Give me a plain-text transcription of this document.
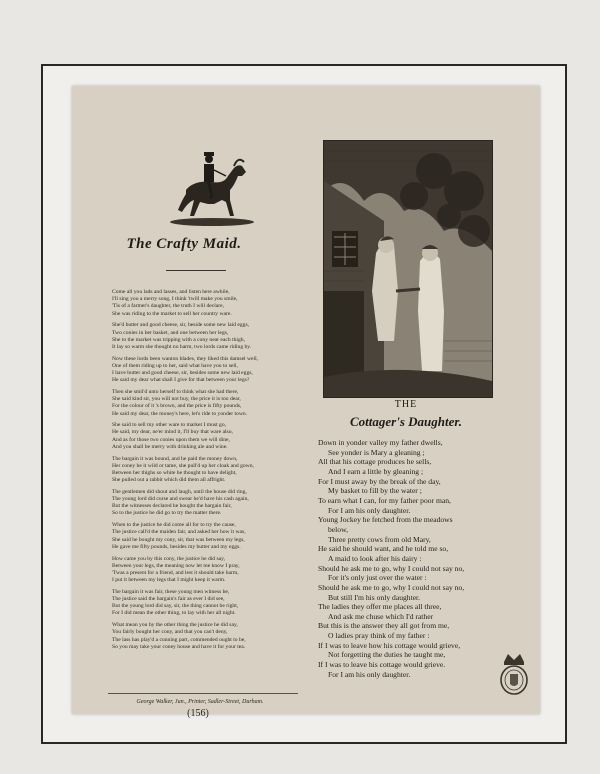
The Crafty Maid.
Come all you lads and lasses, and listen here awhile,
I'll sing you a merry song, I think 'twill make you smile,
'Tis of a farmer's daughter, the truth I will declare,
She was riding to the market to sell her country ware.
She'd butter and good cheese, sir, beside some new laid eggs,
Two conies in her basket, and one between her legs,
She to the market was tripping with a cony near each thigh,
It lay so warm she thought no harm, two lords came riding by.
Now these lords been wanton blades, they liked this damsel well,
One of them riding up to her, said what have you to sell,
I have butter and good cheese, sir, besides some new laid eggs,
He said my dear what shall I give for that between your legs?
Then she smil'd unto herself to think what she had there,
She said kind sir, you will not buy, the price it is too dear,
For the colour of it 's brown, and the price is fifty pounds,
He said my dear, the money's here, let's ride to yonder town.
She said to sell my other ware to market I must go,
He said, my dear, ne'er mind it, I'll buy that ware also,
And as for those two conies upon them we will dine,
And you shall be merry with drinking ale and wine.
The bargain it was bound, and he paid the money down,
Her coney he it wild or tame, she pull'd up her cloak and gown,
Between her thighs so white he thought to have delight,
She pulled out a rabbit which did them all affright.
The gentlemen did shout and laugh, until the house did ring,
The young lord did curse and swear he'd have his cash again,
But the witnesses declared he bought the bargain fair,
So to the justice he did go to try the matter there.
When to the justice he did come all for to try the cause,
The justice call'd the maiden fair, and asked her how it was,
She said he bought my cony, sir, that was between my legs,
He gave me fifty pounds, besides my butter and my eggs.
How came you by this cony, the justice he did say,
Between your legs, the meaning now let me know I pray,
'Twas a present for a friend, and lest it should take harm,
I put it between my legs that I might keep it warm.
The bargain it was fair, these young men witness be,
The justice said the bargain's fair as ever I did see,
But the young lord did say, sir, the thing cannot be right,
For I did mean the other thing, to lay with her all night.
What mean you by the other thing the justice he did say,
You fairly bought her cony, and that you can't deny,
The lass has play'd a cunning part, commended ought to be,
So you may take your coney house and have it for your tea.
George Walker, Jun., Printer, Sadler-Street, Durham.
(156)
THE
Cottager's Daughter.
Down in yonder valley my father dwells,
See yonder is Mary a gleaning ;
All that his cottage produces he sells,
And I earn a little by gleaning ;
For I must away by the break of the day,
My basket to fill by the water ;
To earn what I can, for my father poor man,
For I am his only daughter.
Young Jockey he fetched from the meadows
below,
Three pretty cows from old Mary,
He said he should want, and he told me so,
A maid to look after his dairy :
Should he ask me to go, why I could not say no,
For it's only just over the water :
Should he ask me to go, why I could not say no,
But still I'm his only daughter.
The ladies they offer me places all three,
And ask me chuse which I'd rather
But this is the answer they all got from me,
O ladies pray think of my father :
If I was to leave how his cottage would grieve,
Not forgetting the duties he taught me,
If I was to leave his cottage would grieve.
For I am his only daughter.
